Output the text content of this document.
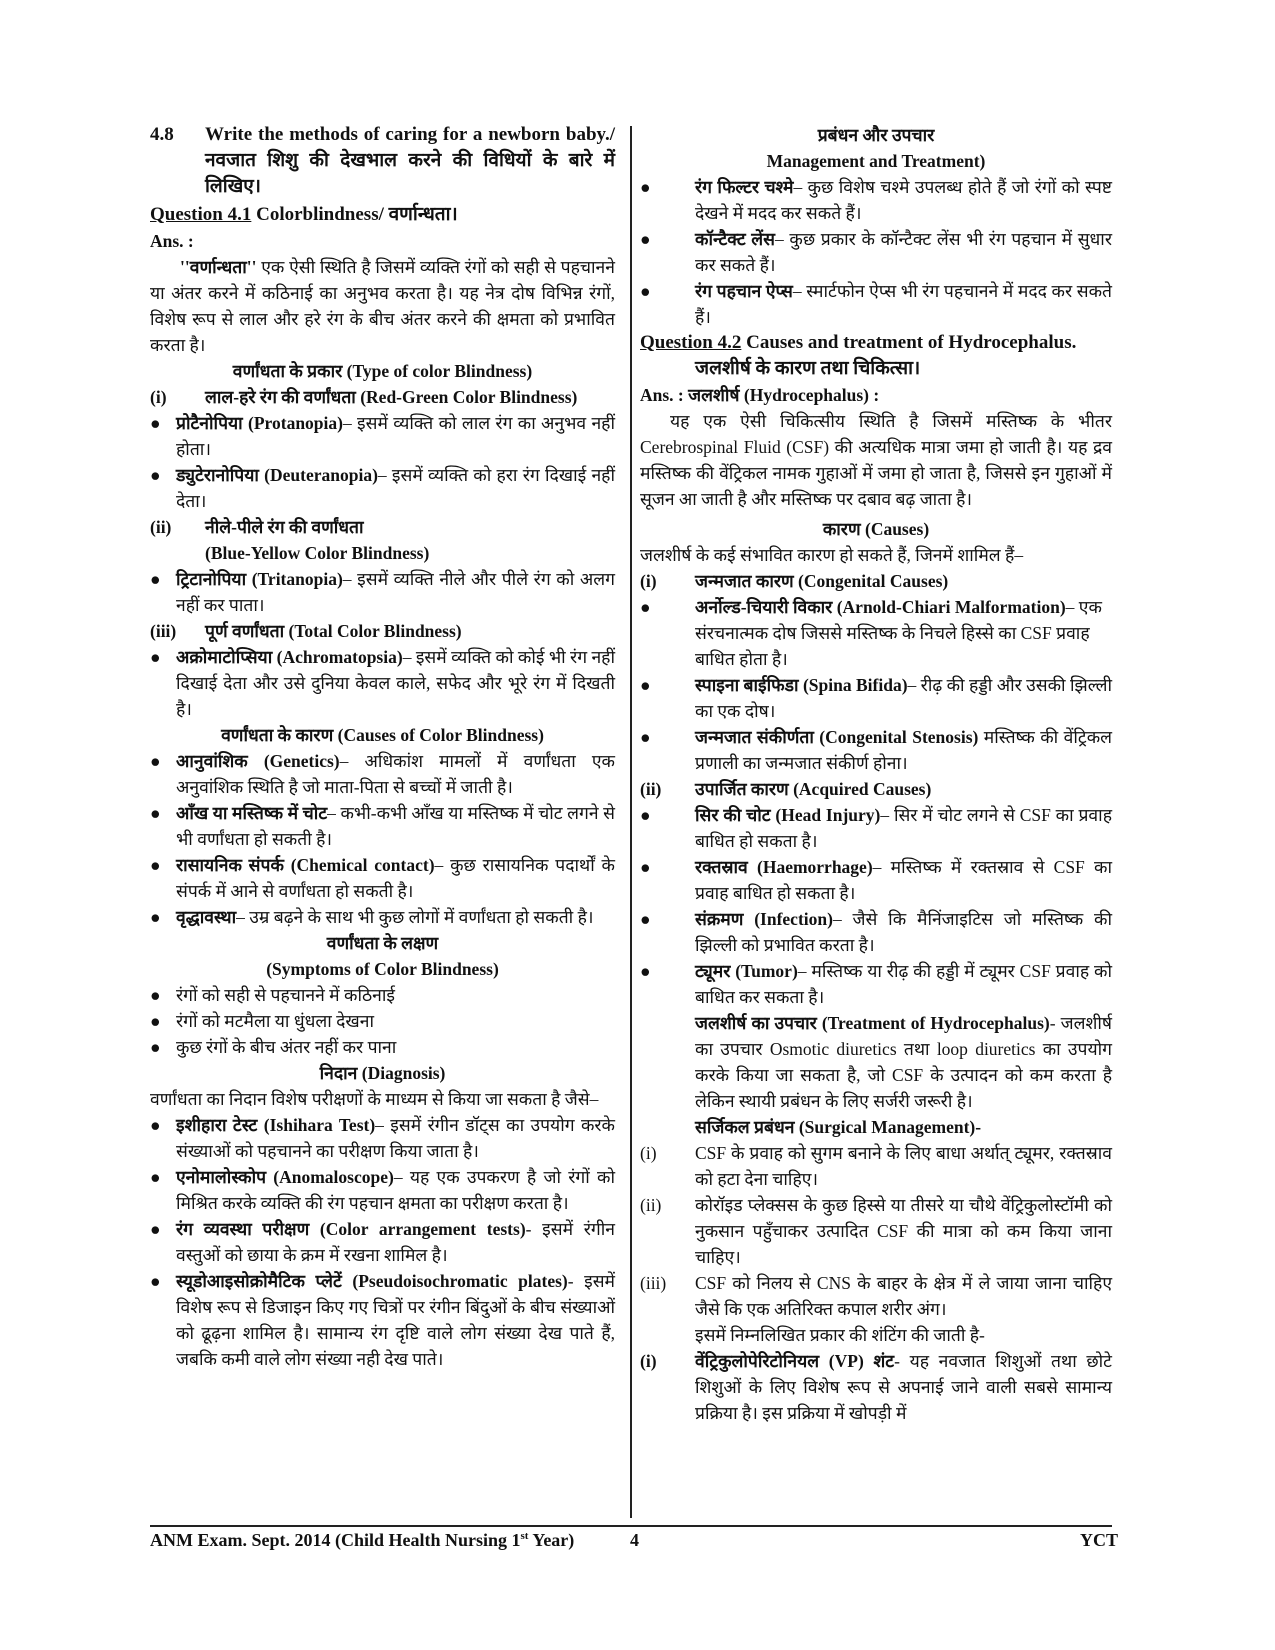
4.8	Write the methods of caring for a newborn baby./ नवजात शिशु की देखभाल करने की विधियों के बारे में लिखिए।
Question 4.1 Colorblindness/ वर्णान्धता।
Ans. :
''वर्णान्धता'' एक ऐसी स्थिति है जिसमें व्यक्ति रंगों को सही से पहचानने या अंतर करने में कठिनाई का अनुभव करता है। यह नेत्र दोष विभिन्न रंगों, विशेष रूप से लाल और हरे रंग के बीच अंतर करने की क्षमता को प्रभावित करता है।
वर्णांधता के प्रकार (Type of color Blindness)
(i)	लाल-हरे रंग की वर्णांधता (Red-Green Color Blindness)
● प्रोटैनोपिया (Protanopia)– इसमें व्यक्ति को लाल रंग का अनुभव नहीं होता।
● ड्युटेरानोपिया (Deuteranopia)– इसमें व्यक्ति को हरा रंग दिखाई नहीं देता।
(ii)	नीले-पीले रंग की वर्णांधता
(Blue-Yellow Color Blindness)
● ट्रिटानोपिया (Tritanopia)– इसमें व्यक्ति नीले और पीले रंग को अलग नहीं कर पाता।
(iii)	पूर्ण वर्णांधता (Total Color Blindness)
● अक्रोमाटोप्सिया (Achromatopsia)– इसमें व्यक्ति को कोई भी रंग नहीं दिखाई देता और उसे दुनिया केवल काले, सफेद और भूरे रंग में दिखती है।
वर्णांधता के कारण (Causes of Color Blindness)
● आनुवांशिक (Genetics)– अधिकांश मामलों में वर्णांधता एक अनुवांशिक स्थिति है जो माता-पिता से बच्चों में जाती है।
● आँख या मस्तिष्क में चोट– कभी-कभी आँख या मस्तिष्क में चोट लगने से भी वर्णांधता हो सकती है।
● रासायनिक संपर्क (Chemical contact)– कुछ रासायनिक पदार्थों के संपर्क में आने से वर्णांधता हो सकती है।
● वृद्धावस्था– उम्र बढ़ने के साथ भी कुछ लोगों में वर्णांधता हो सकती है।
वर्णांधता के लक्षण
(Symptoms of Color Blindness)
● रंगों को सही से पहचानने में कठिनाई
● रंगों को मटमैला या धुंधला देखना
● कुछ रंगों के बीच अंतर नहीं कर पाना
निदान (Diagnosis)
वर्णांधता का निदान विशेष परीक्षणों के माध्यम से किया जा सकता है जैसे–
● इशीहारा टेस्ट (Ishihara Test)– इसमें रंगीन डॉट्स का उपयोग करके संख्याओं को पहचानने का परीक्षण किया जाता है।
● एनोमालोस्कोप (Anomaloscope)– यह एक उपकरण है जो रंगों को मिश्रित करके व्यक्ति की रंग पहचान क्षमता का परीक्षण करता है।
● रंग व्यवस्था परीक्षण (Color arrangement tests)- इसमें रंगीन वस्तुओं को छाया के क्रम में रखना शामिल है।
● स्यूडोआइसोक्रोमैटिक प्लेटें (Pseudoisochromatic plates)- इसमें विशेष रूप से डिजाइन किए गए चित्रों पर रंगीन बिंदुओं के बीच संख्याओं को ढूढ़ना शामिल है। सामान्य रंग दृष्टि वाले लोग संख्या देख पाते हैं, जबकि कमी वाले लोग संख्या नही देख पाते।
प्रबंधन और उपचार
Management and Treatment)
●	रंग फिल्टर चश्मे– कुछ विशेष चश्मे उपलब्ध होते हैं जो रंगों को स्पष्ट देखने में मदद कर सकते हैं।
●	कॉन्टैक्ट लेंस– कुछ प्रकार के कॉन्टैक्ट लेंस भी रंग पहचान में सुधार कर सकते हैं।
●	रंग पहचान ऐप्स– स्मार्टफोन ऐप्स भी रंग पहचानने में मदद कर सकते हैं।
Question 4.2 Causes and treatment of Hydrocephalus.
जलशीर्ष के कारण तथा चिकित्सा।
Ans. : जलशीर्ष (Hydrocephalus) :
यह एक ऐसी चिकित्सीय स्थिति है जिसमें मस्तिष्क के भीतर Cerebrospinal Fluid (CSF) की अत्यधिक मात्रा जमा हो जाती है। यह द्रव मस्तिष्क की वेंट्रिकल नामक गुहाओं में जमा हो जाता है, जिससे इन गुहाओं में सूजन आ जाती है और मस्तिष्क पर दबाव बढ़ जाता है।
कारण (Causes)
जलशीर्ष के कई संभावित कारण हो सकते हैं, जिनमें शामिल हैं–
(i)	जन्मजात कारण (Congenital Causes)
●	अर्नोल्ड-चियारी विकार (Arnold-Chiari Malformation)– एक संरचनात्मक दोष जिससे मस्तिष्क के निचले हिस्से का CSF प्रवाह बाधित होता है।
●	स्पाइना बाईफिडा (Spina Bifida)– रीढ़ की हड्डी और उसकी झिल्ली का एक दोष।
●	जन्मजात संकीर्णता (Congenital Stenosis) मस्तिष्क की वेंट्रिकल प्रणाली का जन्मजात संकीर्ण होना।
(ii)	उपार्जित कारण (Acquired Causes)
●	सिर की चोट (Head Injury)– सिर में चोट लगने से CSF का प्रवाह बाधित हो सकता है।
●	रक्तस्राव (Haemorrhage)– मस्तिष्क में रक्तस्राव से CSF का प्रवाह बाधित हो सकता है।
●	संक्रमण (Infection)– जैसे कि मैनिंजाइटिस जो मस्तिष्क की झिल्ली को प्रभावित करता है।
●	ट्यूमर (Tumor)– मस्तिष्क या रीढ़ की हड्डी में ट्यूमर CSF प्रवाह को बाधित कर सकता है।
जलशीर्ष का उपचार (Treatment of Hydrocephalus)- जलशीर्ष का उपचार Osmotic diuretics तथा loop diuretics का उपयोग करके किया जा सकता है, जो CSF के उत्पादन को कम करता है लेकिन स्थायी प्रबंधन के लिए सर्जरी जरूरी है।
सर्जिकल प्रबंधन (Surgical Management)-
(i)	CSF के प्रवाह को सुगम बनाने के लिए बाधा अर्थात् ट्यूमर, रक्तस्राव को हटा देना चाहिए।
(ii)	कोरॉइड प्लेक्सस के कुछ हिस्से या तीसरे या चौथे वेंट्रिकुलोस्टॉमी को नुकसान पहुँचाकर उत्पादित CSF की मात्रा को कम किया जाना चाहिए।
(iii)	CSF को निलय से CNS के बाहर के क्षेत्र में ले जाया जाना चाहिए जैसे कि एक अतिरिक्त कपाल शरीर अंग।
इसमें निम्नलिखित प्रकार की शंटिंग की जाती है-
(i)	वेंट्रिकुलोपेरिटोनियल (VP) शंट- यह नवजात शिशुओं तथा छोटे शिशुओं के लिए विशेष रूप से अपनाई जाने वाली सबसे सामान्य प्रक्रिया है। इस प्रक्रिया में खोपड़ी में
ANM Exam. Sept. 2014 (Child Health Nursing 1st Year)	4	YCT
